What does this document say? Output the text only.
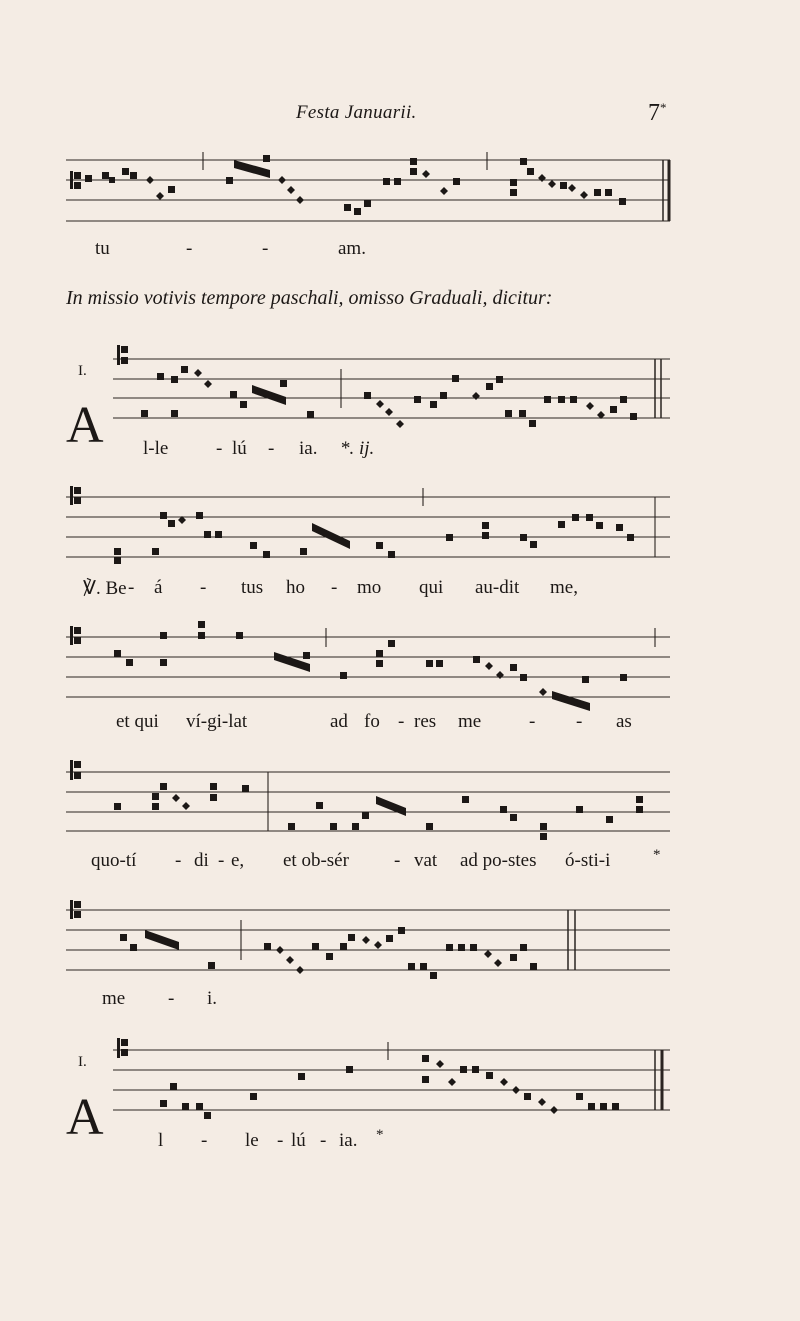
Festa Januarii.	7*
tu	-	-	am.
In missio votivis tempore paschali, omisso Graduali, dicitur:
I.
A l-le	- lú - ia. *. ij.
℣. Be - á - tus ho - mo qui au-dit me,
et qui ví-gi-lat	ad fo - res me	- - as
quo-tí - di - e, et ob-sér - vat ad po-stes ó-sti-i	*
me - i.
I.
A	l - le - lú - ia. *
